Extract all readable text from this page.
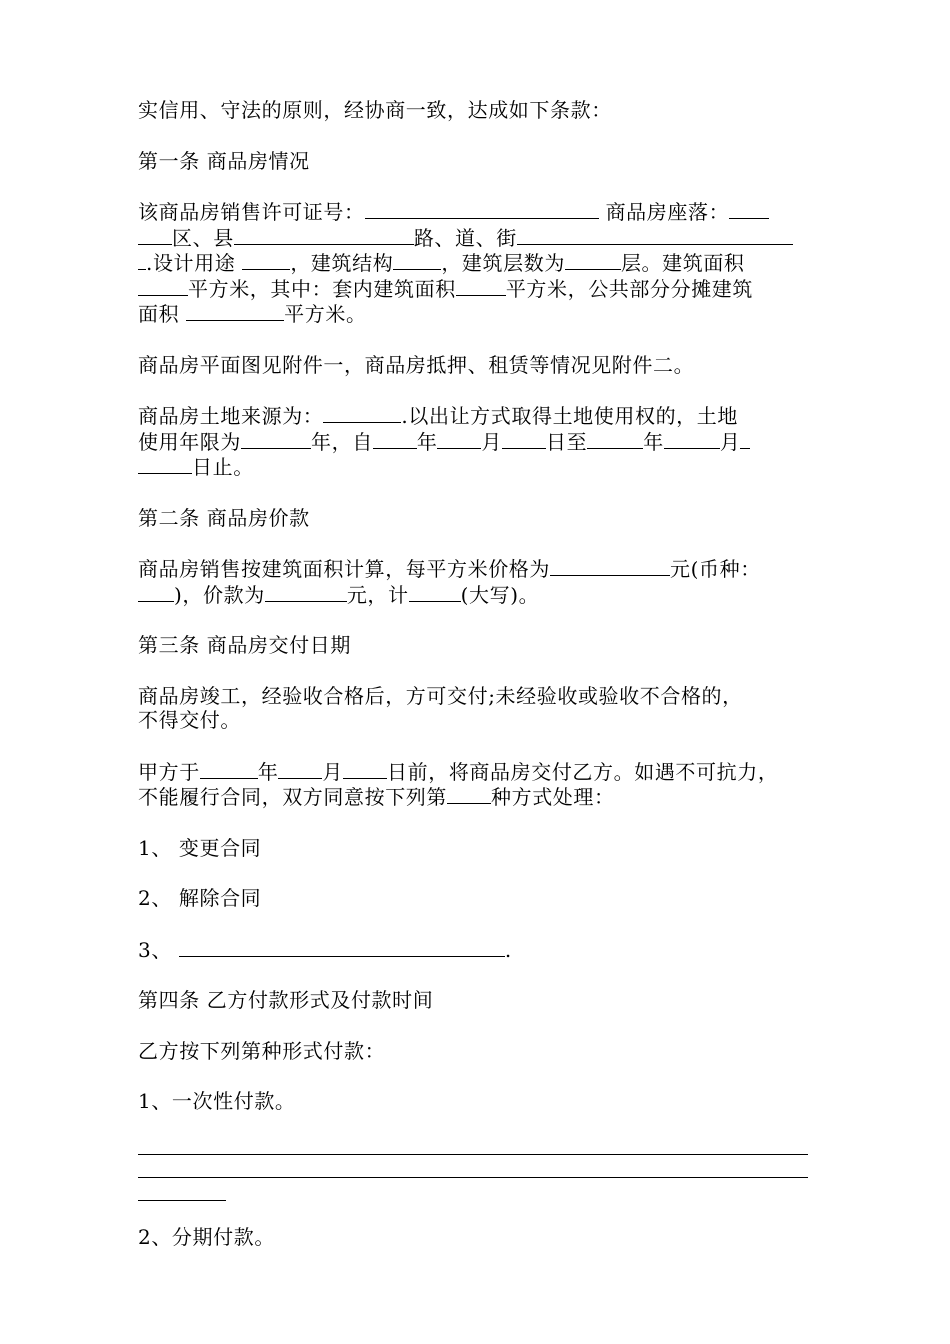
实信用、守法的原则，经协商一致，达成如下条款：

第一条 商品房情况

该商品房销售许可证号：	商品房座落：

区、县	路、道、街

.设计用途 ，建筑结构 ，建筑层数为	层。建筑面积

平方米，其中：套内建筑面积	平方米，公共部分分摊建筑

面积	平方米。

商品房平面图见附件一，商品房抵押、租赁等情况见附件二。

商品房土地来源为：	.以出让方式取得土地使用权的，土地

使用年限为	年，自 年 月 日至	年	月

日止。

第二条 商品房价款

商品房销售按建筑面积计算，每平方米价格为	元(币种：

)，价款为	元，计	(大写)。

第三条 商品房交付日期

商品房竣工，经验收合格后，方可交付;未经验收或验收不合格的，

不得交付。

甲方于	年 月 日前，将商品房交付乙方。如遇不可抗力，

不能履行合同，双方同意按下列第 种方式处理：

1、 变更合同

2、 解除合同

3、	.

第四条 乙方付款形式及付款时间

乙方按下列第种形式付款：

1、一次性付款。

2、分期付款。
